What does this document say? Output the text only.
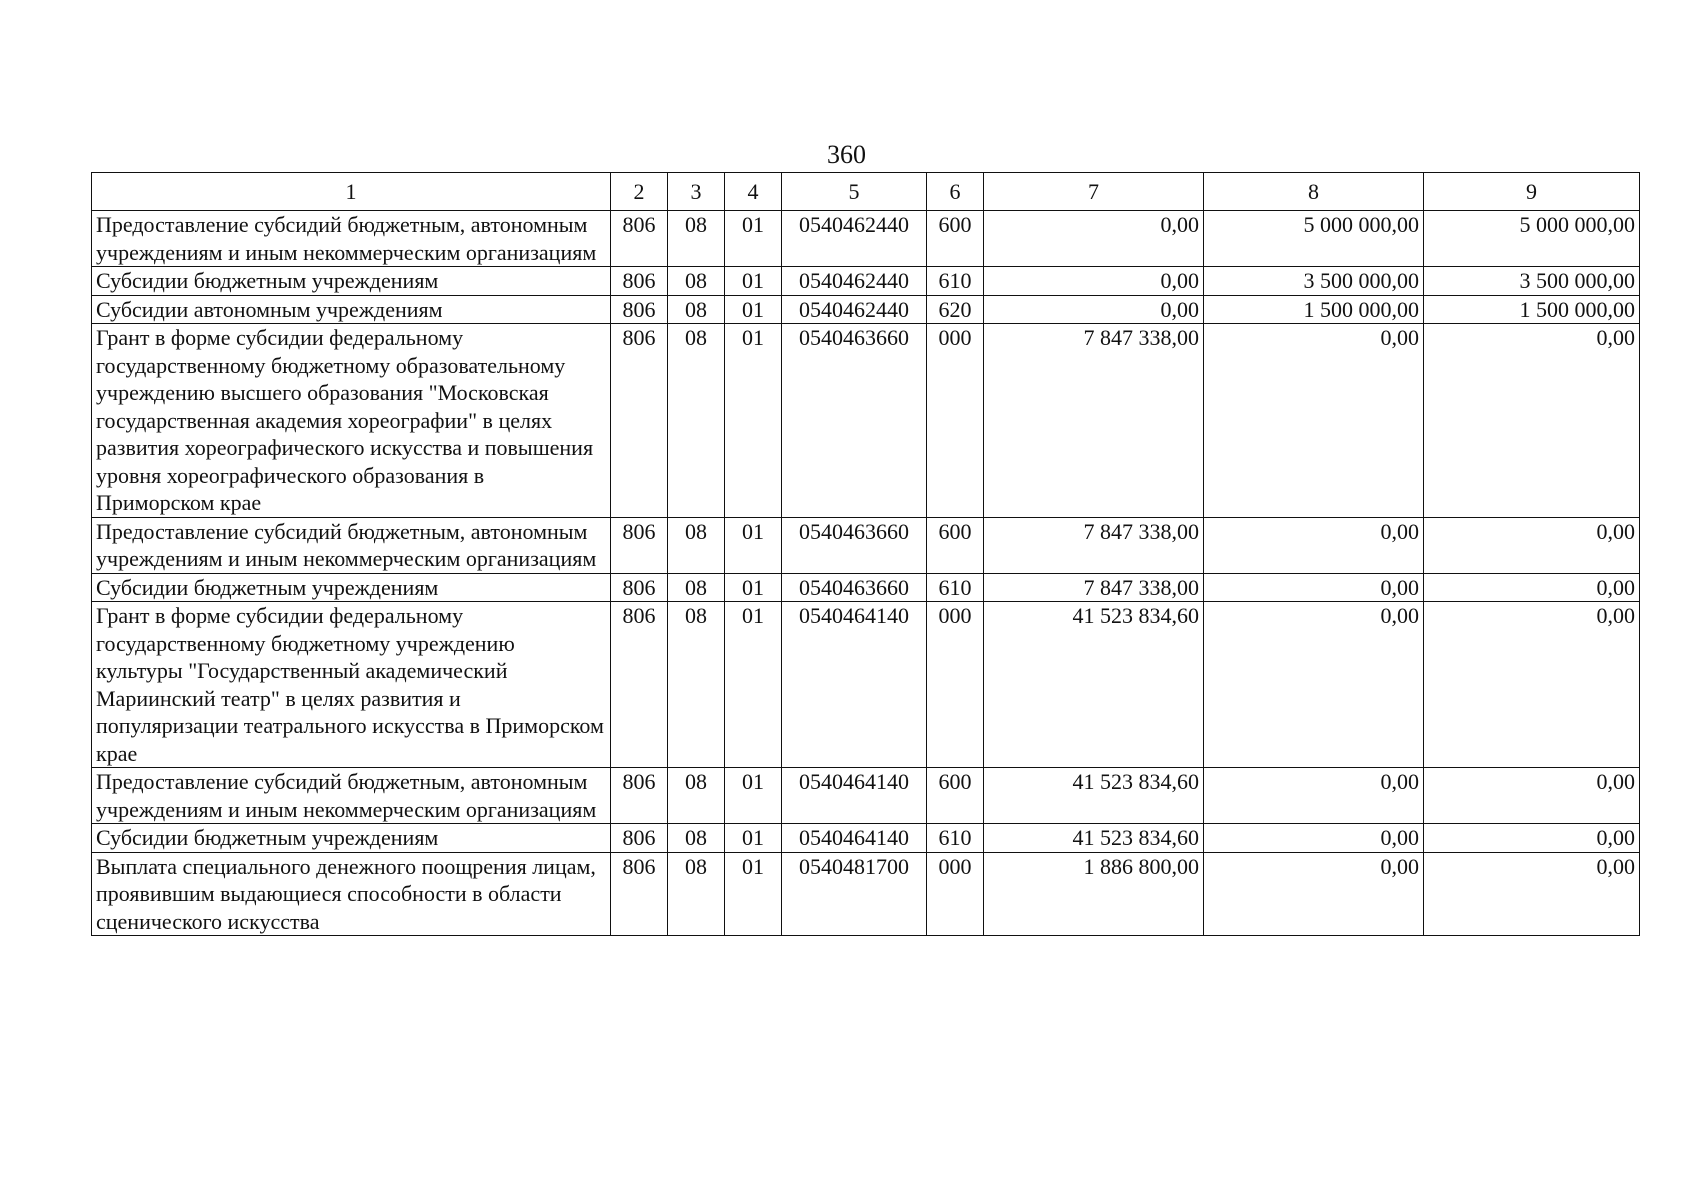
360
1	2	3	4	5	6	7	8	9
Предоставление субсидий бюджетным, автономным учреждениям и иным некоммерческим организациям	806	08	01	0540462440	600	0,00	5 000 000,00	5 000 000,00
Субсидии бюджетным учреждениям	806	08	01	0540462440	610	0,00	3 500 000,00	3 500 000,00
Субсидии автономным учреждениям	806	08	01	0540462440	620	0,00	1 500 000,00	1 500 000,00
Грант в форме субсидии федеральному государственному бюджетному образовательному учреждению высшего образования "Московская государственная академия хореографии" в целях развития хореографического искусства и повышения уровня хореографического образования в Приморском крае	806	08	01	0540463660	000	7 847 338,00	0,00	0,00
Предоставление субсидий бюджетным, автономным учреждениям и иным некоммерческим организациям	806	08	01	0540463660	600	7 847 338,00	0,00	0,00
Субсидии бюджетным учреждениям	806	08	01	0540463660	610	7 847 338,00	0,00	0,00
Грант в форме субсидии федеральному государственному бюджетному учреждению культуры "Государственный академический Мариинский театр" в целях развития и популяризации театрального искусства в Приморском крае	806	08	01	0540464140	000	41 523 834,60	0,00	0,00
Предоставление субсидий бюджетным, автономным учреждениям и иным некоммерческим организациям	806	08	01	0540464140	600	41 523 834,60	0,00	0,00
Субсидии бюджетным учреждениям	806	08	01	0540464140	610	41 523 834,60	0,00	0,00
Выплата специального денежного поощрения лицам, проявившим выдающиеся способности в области сценического искусства	806	08	01	0540481700	000	1 886 800,00	0,00	0,00
